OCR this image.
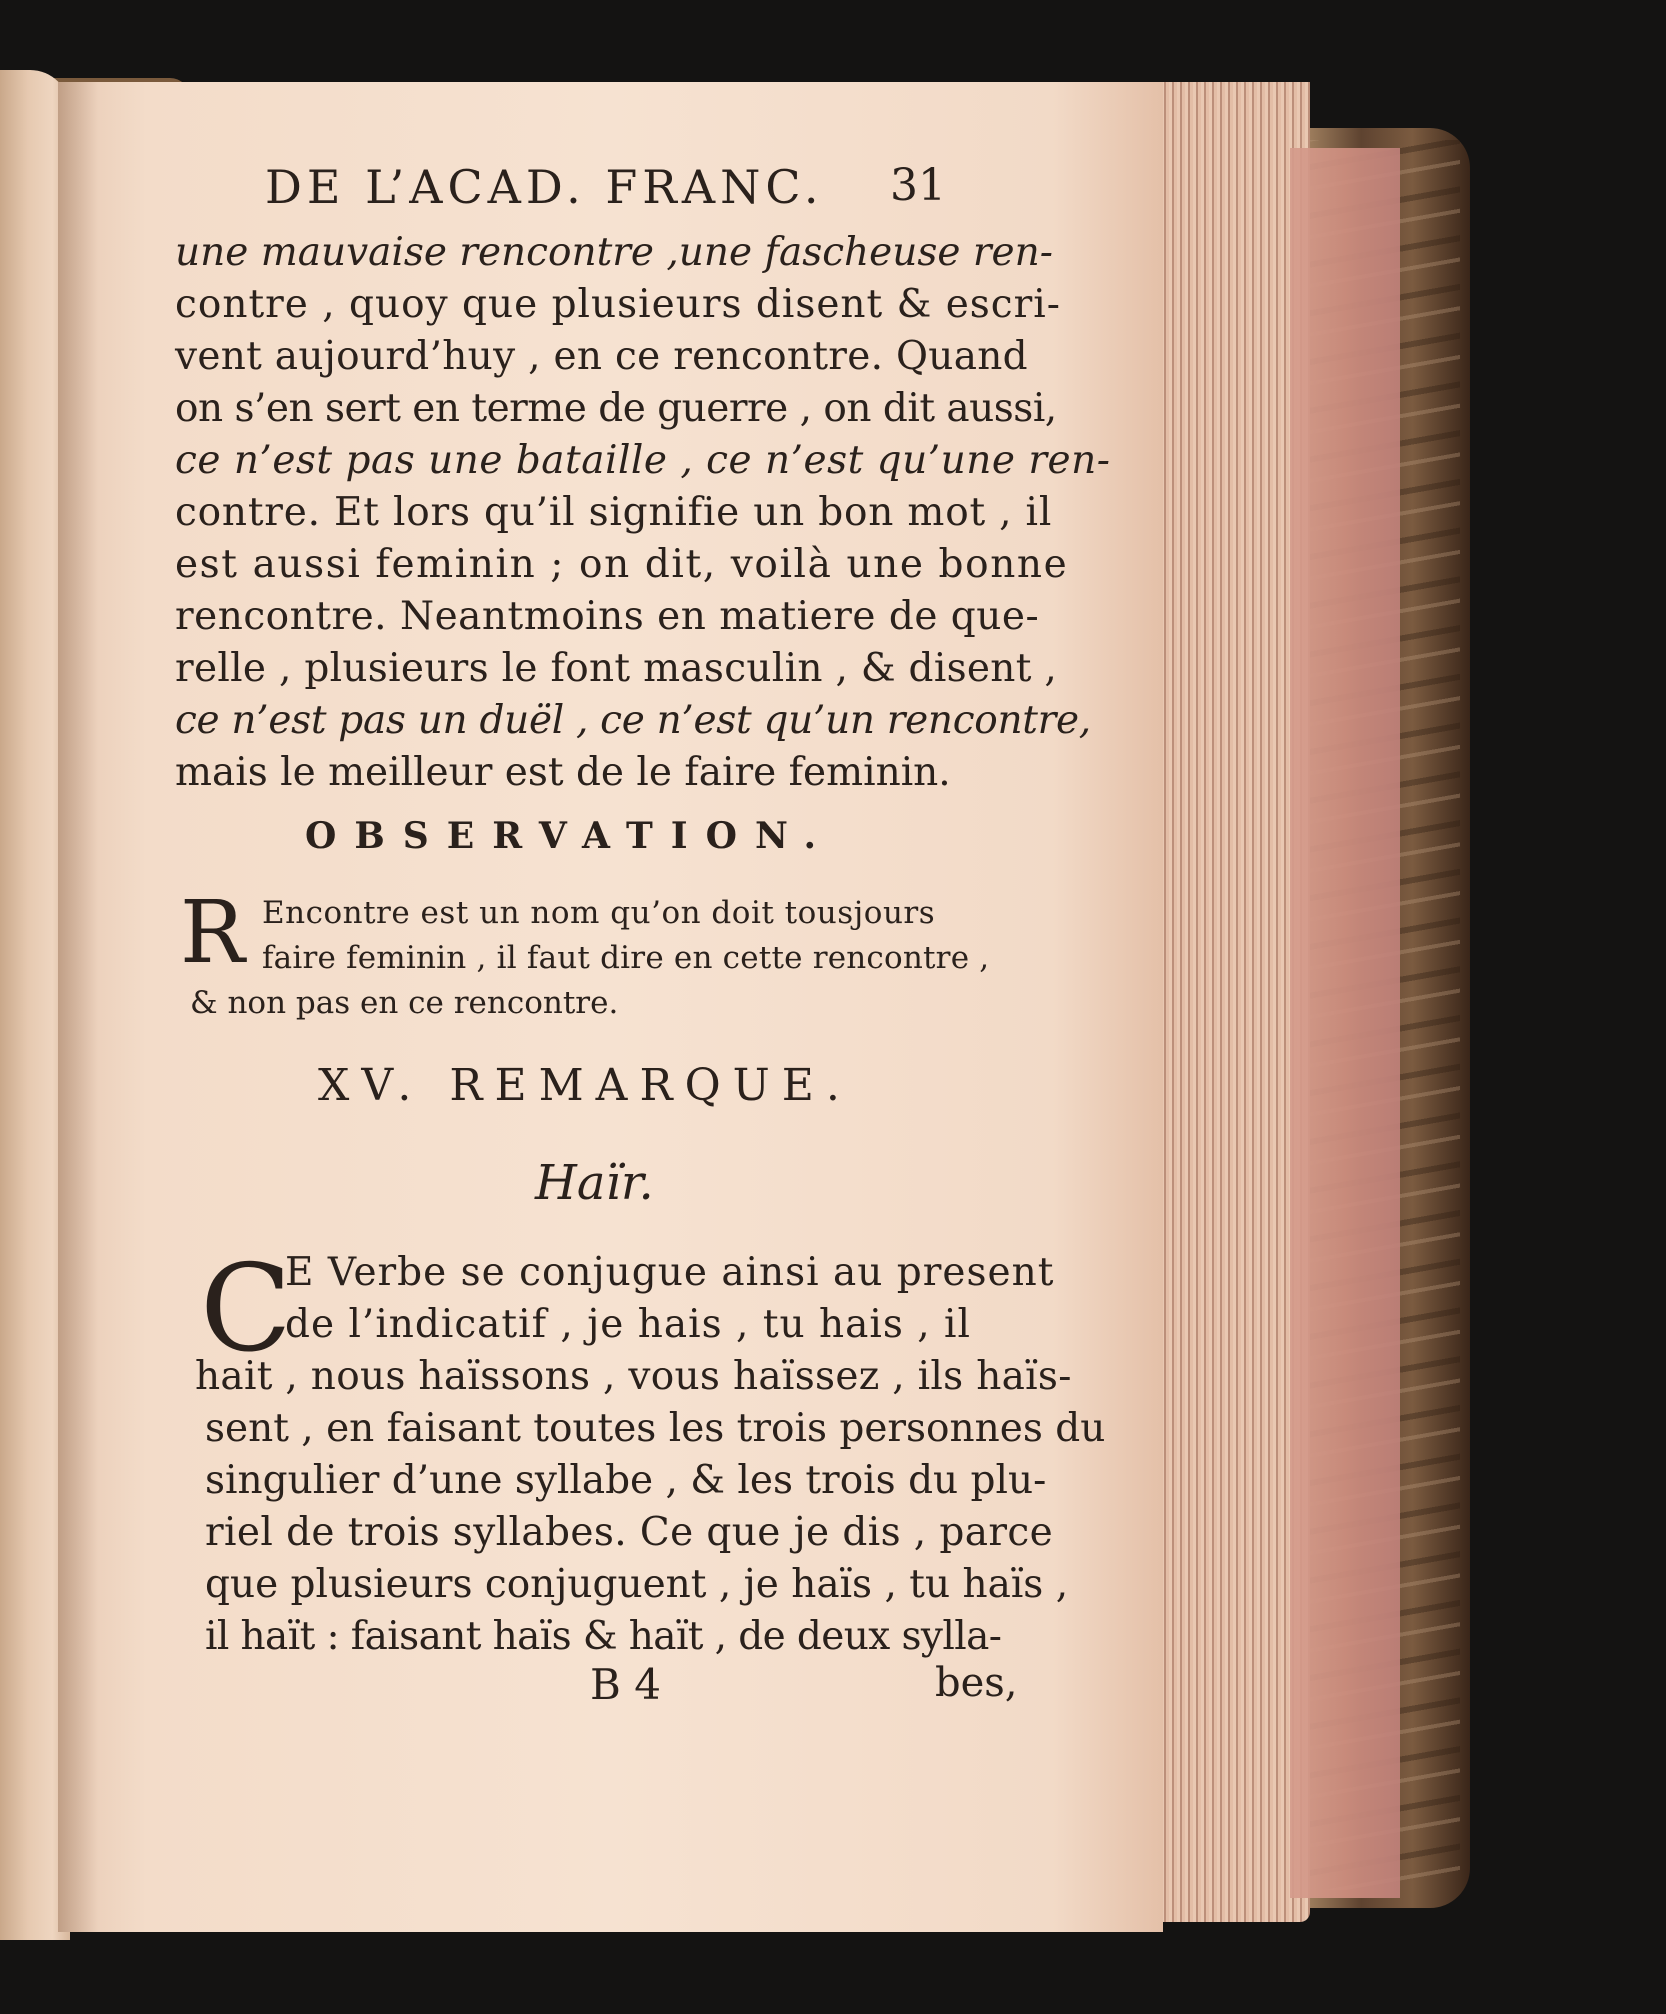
DE L’ACAD. FRANC.	31
une mauvaise rencontre , une fascheuse ren-
contre , quoy que plusieurs disent & escri-
vent aujourd’huy , en ce rencontre. Quand
on s’en sert en terme de guerre , on dit aussi,
ce n’est pas une bataille , ce n’est qu’une ren-
contre. Et lors qu’il signifie un bon mot , il
est aussi feminin ; on dit, voilà une bonne
rencontre. Neantmoins en matiere de que-
relle , plusieurs le font masculin , & disent ,
ce n’est pas un duël , ce n’est qu’un rencontre,
mais le meilleur est de le faire feminin.
OBSERVATION.
R Encontre est un nom qu’on doit tousjours
faire feminin , il faut dire en cette rencontre ,
& non pas en ce rencontre.
XV. REMARQUE.
Haïr.
C
E Verbe se conjugue ainsi au present
de l’indicatif , je hais , tu hais , il
hait , nous haïssons , vous haïssez , ils haïs-
sent , en faisant toutes les trois personnes du
singulier d’une syllabe , & les trois du plu-
riel de trois syllabes. Ce que je dis , parce
que plusieurs conjuguent , je haïs , tu haïs ,
il haït : faisant haïs & haït , de deux sylla-
B 4	bes,
